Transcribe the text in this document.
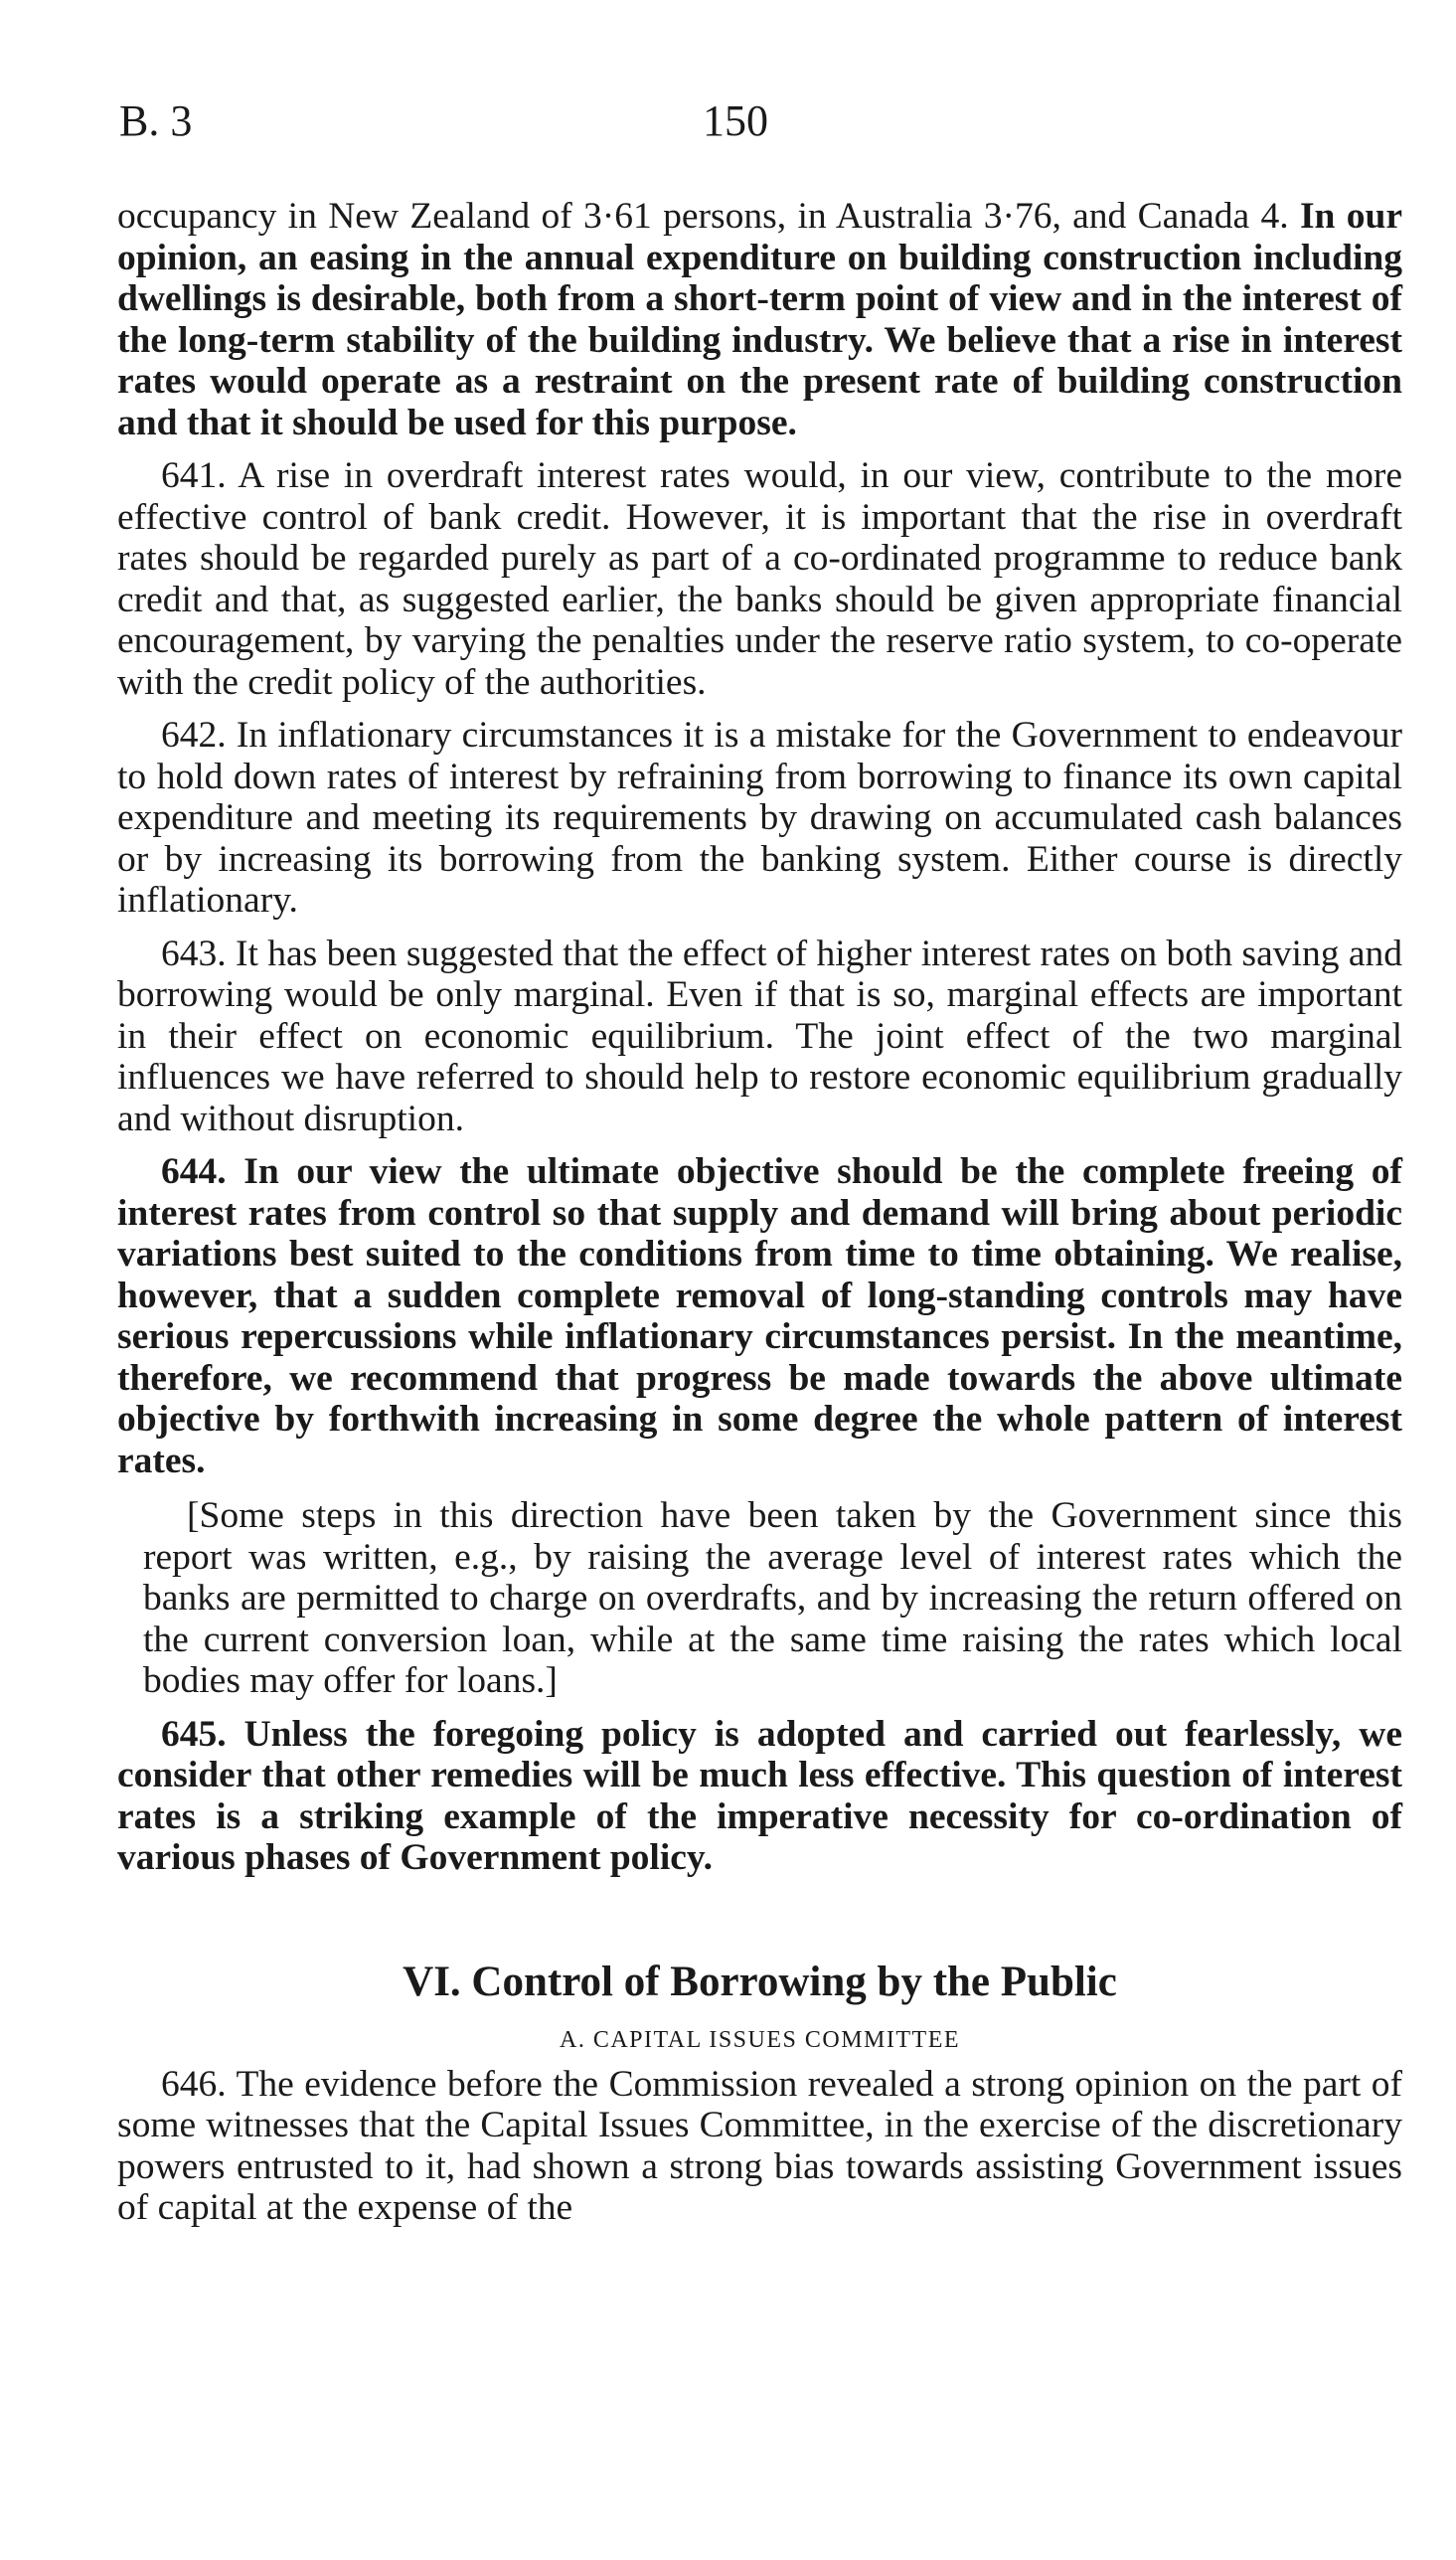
B. 3	150

occupancy in New Zealand of 3·61 persons, in Australia 3·76, and Canada 4. In our opinion, an easing in the annual expenditure on building construction including dwellings is desirable, both from a short-term point of view and in the interest of the long-term stability of the building industry. We believe that a rise in interest rates would operate as a restraint on the present rate of building construction and that it should be used for this purpose.

641. A rise in overdraft interest rates would, in our view, contribute to the more effective control of bank credit. However, it is important that the rise in overdraft rates should be regarded purely as part of a co-ordinated programme to reduce bank credit and that, as suggested earlier, the banks should be given appropriate financial encouragement, by varying the penalties under the reserve ratio system, to co-operate with the credit policy of the authorities.

642. In inflationary circumstances it is a mistake for the Government to endeavour to hold down rates of interest by refraining from borrowing to finance its own capital expenditure and meeting its requirements by drawing on accumulated cash balances or by increasing its borrowing from the banking system. Either course is directly inflationary.

643. It has been suggested that the effect of higher interest rates on both saving and borrowing would be only marginal. Even if that is so, marginal effects are important in their effect on economic equilibrium. The joint effect of the two marginal influences we have referred to should help to restore economic equilibrium gradually and without disruption.

644. In our view the ultimate objective should be the complete freeing of interest rates from control so that supply and demand will bring about periodic variations best suited to the conditions from time to time obtaining. We realise, however, that a sudden complete removal of long-standing controls may have serious repercussions while inflationary circumstances persist. In the meantime, therefore, we recommend that progress be made towards the above ultimate objective by forthwith increasing in some degree the whole pattern of interest rates.

[Some steps in this direction have been taken by the Government since this report was written, e.g., by raising the average level of interest rates which the banks are permitted to charge on overdrafts, and by increasing the return offered on the current conversion loan, while at the same time raising the rates which local bodies may offer for loans.]

645. Unless the foregoing policy is adopted and carried out fearlessly, we consider that other remedies will be much less effective. This question of interest rates is a striking example of the imperative necessity for co-ordination of various phases of Government policy.

VI. Control of Borrowing by the Public
A. CAPITAL ISSUES COMMITTEE

646. The evidence before the Commission revealed a strong opinion on the part of some witnesses that the Capital Issues Committee, in the exercise of the discretionary powers entrusted to it, had shown a strong bias towards assisting Government issues of capital at the expense of the
